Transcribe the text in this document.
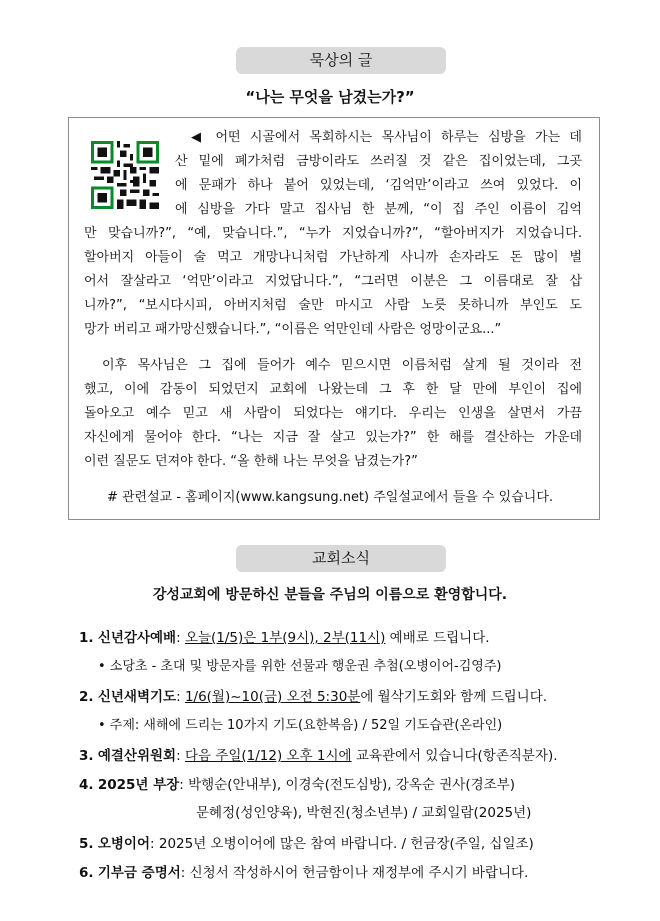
묵상의 글
“나는 무엇을 남겼는가?”
◀ 어떤 시골에서 목회하시는 목사님이 하루는 심방을 가는 데
산 밑에 폐가처럼 금방이라도 쓰러질 것 같은 집이었는데, 그곳
에 문패가 하나 붙어 있었는데, ‘김억만’이라고 쓰여 있었다. 이
에 심방을 가다 말고 집사님 한 분께, “이 집 주인 이름이 김억
만 맞습니까?”, “예, 맞습니다.”, “누가 지었습니까?”, “할아버지가 지었습니다.
할아버지 아들이 술 먹고 개망나니처럼 가난하게 사니까 손자라도 돈 많이 벌
어서 잘살라고 ‘억만’이라고 지었답니다.”, “그러면 이분은 그 이름대로 잘 삽
니까?”, “보시다시피, 아버지처럼 술만 마시고 사람 노릇 못하니까 부인도 도
망가 버리고 패가망신했습니다.”, “이름은 억만인데 사람은 엉망이군요...”
이후 목사님은 그 집에 들어가 예수 믿으시면 이름처럼 살게 될 것이라 전
했고, 이에 감동이 되었던지 교회에 나왔는데 그 후 한 달 만에 부인이 집에
돌아오고 예수 믿고 새 사람이 되었다는 얘기다. 우리는 인생을 살면서 가끔
자신에게 물어야 한다. “나는 지금 잘 살고 있는가?” 한 해를 결산하는 가운데
이런 질문도 던져야 한다. “올 한해 나는 무엇을 남겼는가?”
# 관련설교 - 홈페이지(www.kangsung.net) 주일설교에서 들을 수 있습니다.
교회소식
강성교회에 방문하신 분들을 주님의 이름으로 환영합니다.
1. 신년감사예배: 오늘(1/5)은 1부(9시), 2부(11시) 예배로 드립니다.
• 소당초 - 초대 및 방문자를 위한 선물과 행운권 추첨(오병이어-김영주)
2. 신년새벽기도: 1/6(월)~10(금) 오전 5:30분에 월삭기도회와 함께 드립니다.
• 주제: 새해에 드리는 10가지 기도(요한복음) / 52일 기도습관(온라인)
3. 예결산위원회: 다음 주일(1/12) 오후 1시에 교육관에서 있습니다(항존직분자).
4. 2025년 부장: 박행순(안내부), 이경숙(전도심방), 강옥순 권사(경조부)
문혜정(성인양육), 박현진(청소년부) / 교회일람(2025년)
5. 오병이어: 2025년 오병이어에 많은 참여 바랍니다. / 헌금장(주일, 십일조)
6. 기부금 증명서: 신청서 작성하시어 헌금함이나 재정부에 주시기 바랍니다.
